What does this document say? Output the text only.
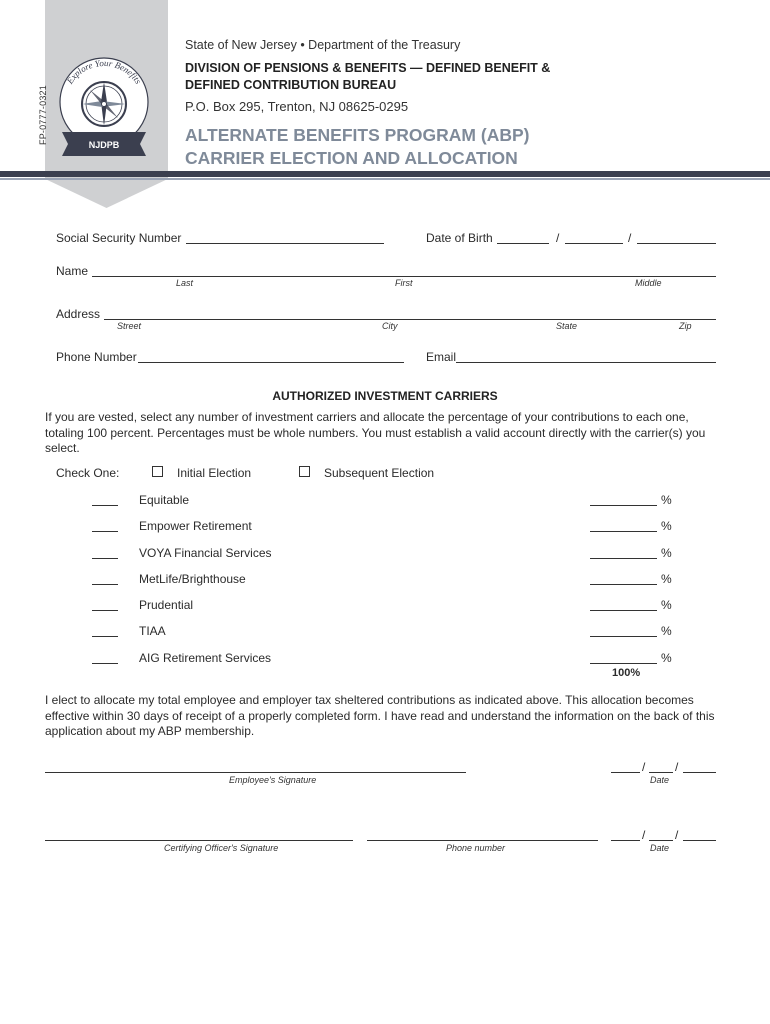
Explore Your Benefits
NJDPB
FP-0777-0321
State of New Jersey • Department of the Treasury
DIVISION OF PENSIONS & BENEFITS — DEFINED BENEFIT &
DEFINED CONTRIBUTION BUREAU
P.O. Box 295, Trenton, NJ 08625-0295
ALTERNATE BENEFITS PROGRAM (ABP)
CARRIER ELECTION AND ALLOCATION
Social Security Number	Date of Birth	/	/
Name
Last	First	Middle
Address
Street	City	State	Zip
Phone Number	Email
AUTHORIZED INVESTMENT CARRIERS
If you are vested, select any number of investment carriers and allocate the percentage of your contributions to each one, totaling 100 percent. Percentages must be whole numbers. You must establish a valid account directly with the carrier(s) you select.
Check One:	Initial Election	Subsequent Election
Equitable	%
Empower Retirement	%
VOYA Financial Services	%
MetLife/Brighthouse	%
Prudential	%
TIAA	%
AIG Retirement Services	%
100%
I elect to allocate my total employee and employer tax sheltered contributions as indicated above. This allocation becomes effective within 30 days of receipt of a properly completed form. I have read and understand the information on the back of this application about my ABP membership.
Employee's Signature
/ /
Date
Certifying Officer's Signature	Phone number
/ /
Date
